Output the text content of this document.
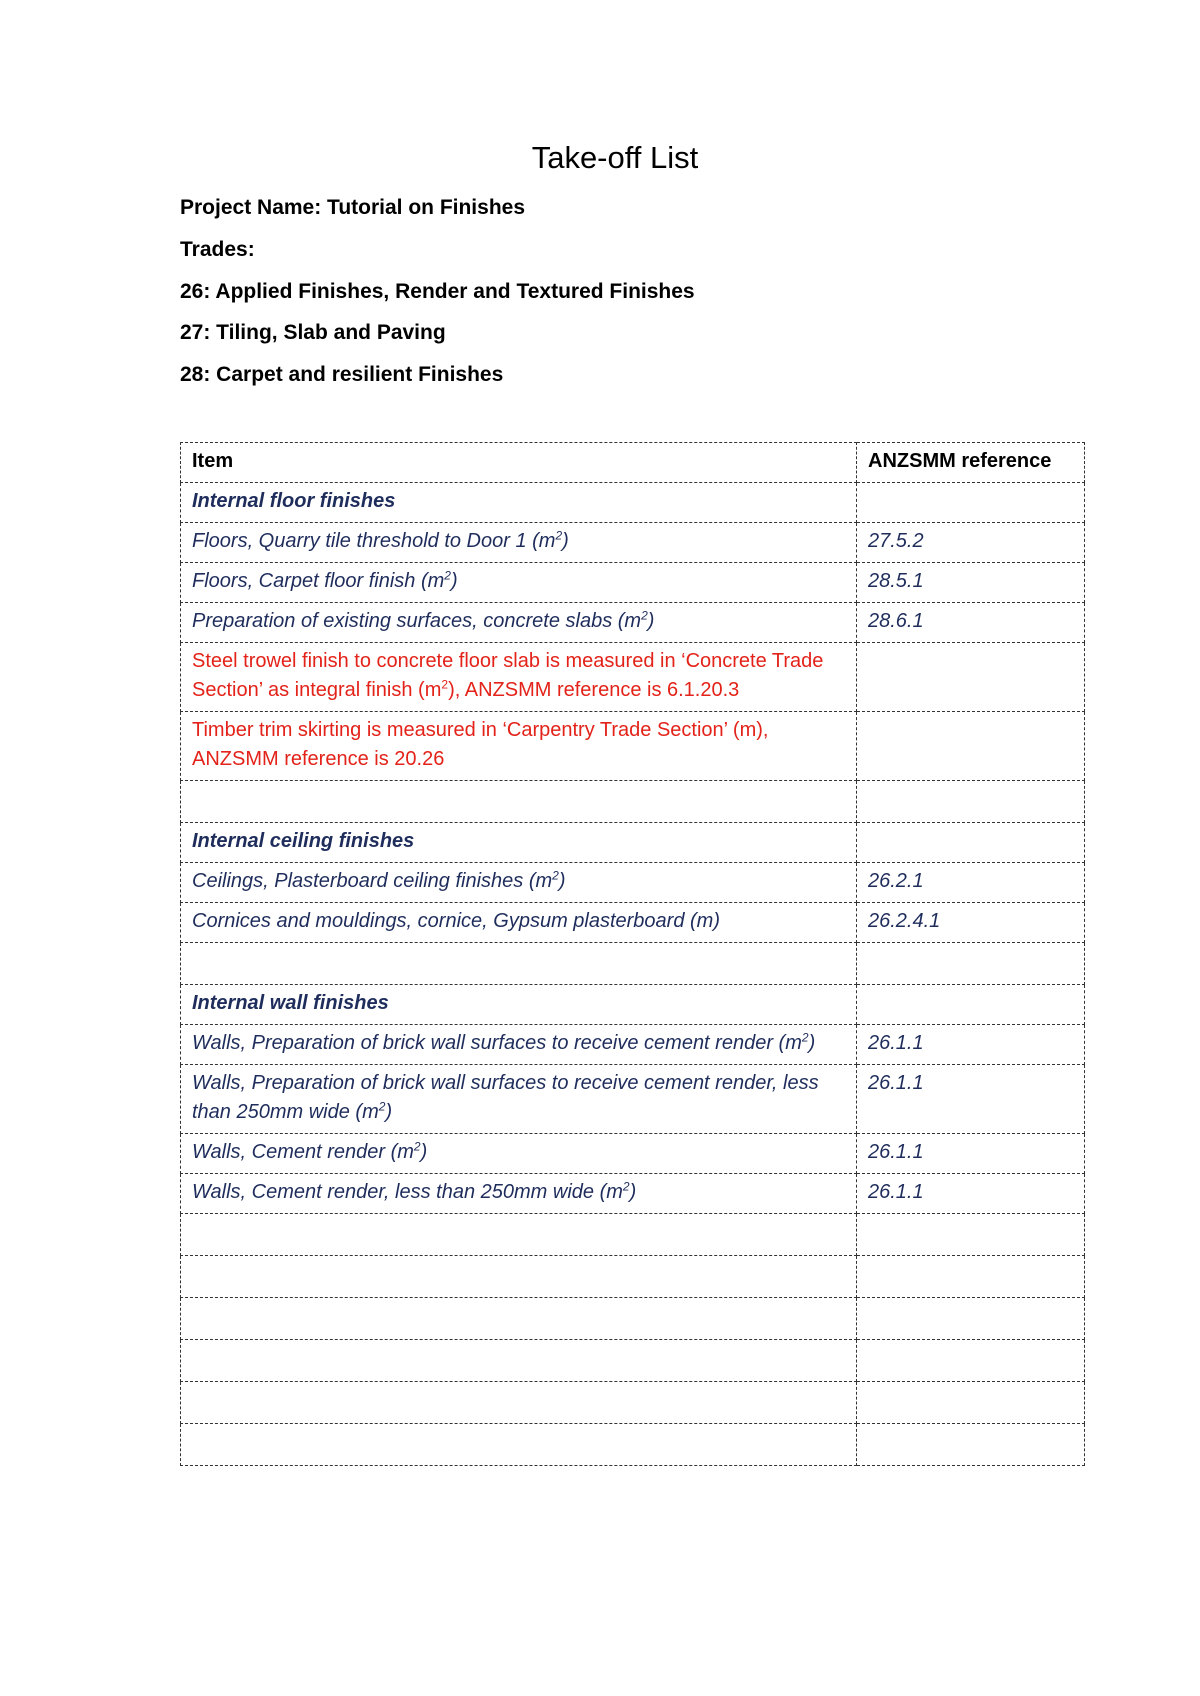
Take-off List
Project Name: Tutorial on Finishes
Trades:
26: Applied Finishes, Render and Textured Finishes
27: Tiling, Slab and Paving
28: Carpet and resilient Finishes
Item	ANZSMM reference
Internal floor finishes	
Floors, Quarry tile threshold to Door 1 $(m^2)$	27.5.2
Floors, Carpet floor finish $(m^2)$	28.5.1
Preparation of existing surfaces, concrete slabs $(m^2)$	28.6.1
Steel trowel finish to concrete floor slab is measured in ‘Concrete Trade Section’ as integral finish $(m^2)$, ANZSMM reference is 6.1.20.3	
Timber trim skirting is measured in ‘Carpentry Trade Section’ (m), ANZSMM reference is 20.26	

Internal ceiling finishes	
Ceilings, Plasterboard ceiling finishes $(m^2)$	26.2.1
Cornices and mouldings, cornice, Gypsum plasterboard (m)	26.2.4.1

Internal wall finishes	
Walls, Preparation of brick wall surfaces to receive cement render $(m^2)$	26.1.1
Walls, Preparation of brick wall surfaces to receive cement render, less than 250mm wide $(m^2)$	26.1.1
Walls, Cement render $(m^2)$	26.1.1
Walls, Cement render, less than 250mm wide $(m^2)$	26.1.1
